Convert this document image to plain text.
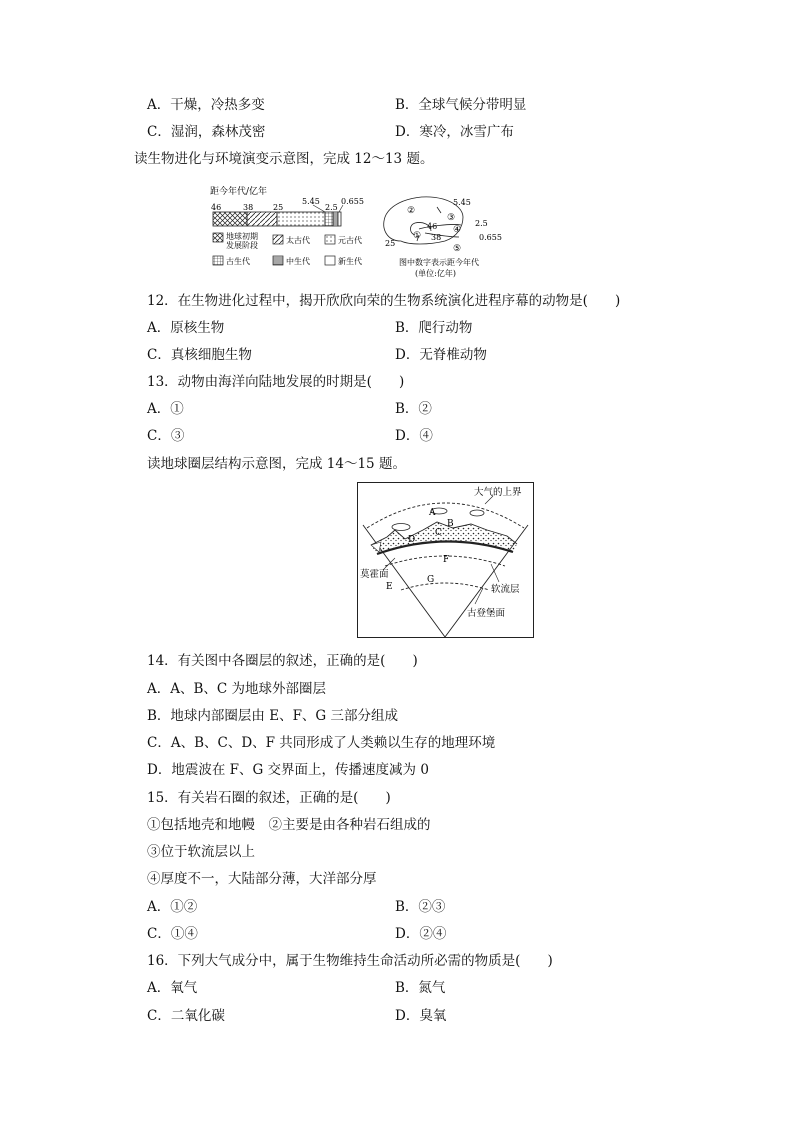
A．干燥，冷热多变	B．全球气候分带明显
C．湿润，森林茂密	D．寒冷，冰雪广布
读生物进化与环境演变示意图，完成 12～13 题。
距今年代/亿年
46	38 25
5.45
2.5
0.655
地球初期
发展阶段
太古代	元古代
古生代	中生代	新生代
②
③
④
①
⑤
5.45
46
38
25
2.5
0.655
图中数字表示距今年代
(单位:亿年)
12．在生物进化过程中，揭开欣欣向荣的生物系统演化进程序幕的动物是(　　)
A．原核生物	B．爬行动物
C．真核细胞生物	D．无脊椎动物
13．动物由海洋向陆地发展的时期是(　　)
A．①	B．②
C．③	D．④
读地球圈层结构示意图，完成 14～15 题。
大气的上界
A
B
C
D
F
G
莫霍面
E	软流层
古登堡面
14．有关图中各圈层的叙述，正确的是(　　)
A．A、B、C 为地球外部圈层
B．地球内部圈层由 E、F、G 三部分组成
C．A、B、C、D、F 共同形成了人类赖以生存的地理环境
D．地震波在 F、G 交界面上，传播速度减为 0
15．有关岩石圈的叙述，正确的是(　　)
①包括地壳和地幔　②主要是由各种岩石组成的
③位于软流层以上
④厚度不一，大陆部分薄，大洋部分厚
A．①②	B．②③
C．①④	D．②④
16．下列大气成分中，属于生物维持生命活动所必需的物质是(　　)
A．氧气	B．氮气
C．二氧化碳	D．臭氧
